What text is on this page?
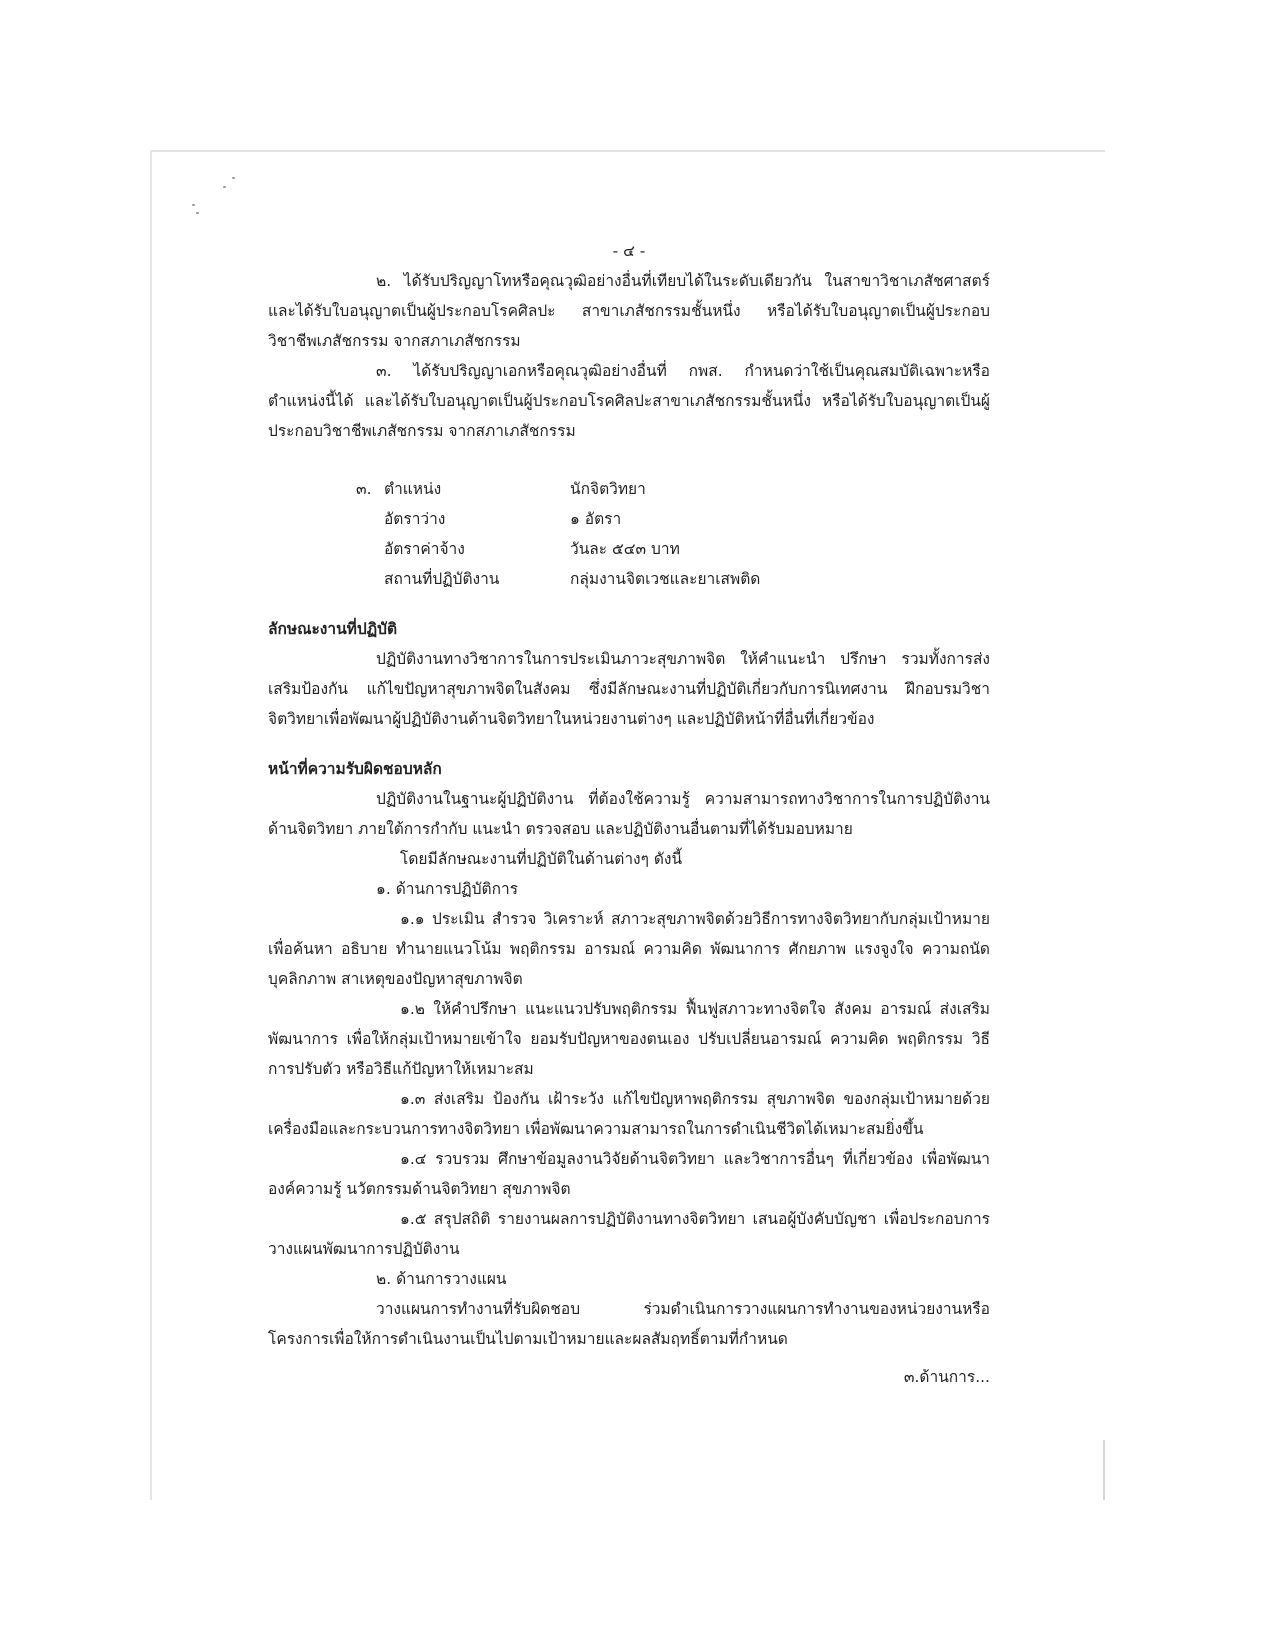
- ๔ -

๒. ได้รับปริญญาโทหรือคุณวุฒิอย่างอื่นที่เทียบได้ในระดับเดียวกัน ในสาขาวิชาเภสัชศาสตร์และได้รับใบอนุญาตเป็นผู้ประกอบโรคศิลปะ สาขาเภสัชกรรมชั้นหนึ่ง หรือได้รับใบอนุญาตเป็นผู้ประกอบวิชาชีพเภสัชกรรม จากสภาเภสัชกรรม

๓. ได้รับปริญญาเอกหรือคุณวุฒิอย่างอื่นที่ กพส. กำหนดว่าใช้เป็นคุณสมบัติเฉพาะหรือตำแหน่งนี้ได้ และได้รับใบอนุญาตเป็นผู้ประกอบโรคศิลปะสาขาเภสัชกรรมชั้นหนึ่ง หรือได้รับใบอนุญาตเป็นผู้ประกอบวิชาชีพเภสัชกรรม จากสภาเภสัชกรรม

๓.	ตำแหน่ง	นักจิตวิทยา
	อัตราว่าง	๑ อัตรา
	อัตราค่าจ้าง	วันละ ๕๔๓ บาท
	สถานที่ปฏิบัติงาน	กลุ่มงานจิตเวชและยาเสพติด
ลักษณะงานที่ปฏิบัติ

ปฏิบัติงานทางวิชาการในการประเมินภาวะสุขภาพจิต ให้คำแนะนำ ปรึกษา รวมทั้งการส่งเสริมป้องกัน แก้ไขปัญหาสุขภาพจิตในสังคม ซึ่งมีลักษณะงานที่ปฏิบัติเกี่ยวกับการนิเทศงาน ฝึกอบรมวิชาจิตวิทยาเพื่อพัฒนาผู้ปฏิบัติงานด้านจิตวิทยาในหน่วยงานต่างๆ และปฏิบัติหน้าที่อื่นที่เกี่ยวข้อง

หน้าที่ความรับผิดชอบหลัก

ปฏิบัติงานในฐานะผู้ปฏิบัติงาน ที่ต้องใช้ความรู้ ความสามารถทางวิชาการในการปฏิบัติงานด้านจิตวิทยา ภายใต้การกำกับ แนะนำ ตรวจสอบ และปฏิบัติงานอื่นตามที่ได้รับมอบหมาย

โดยมีลักษณะงานที่ปฏิบัติในด้านต่างๆ ดังนี้

๑. ด้านการปฏิบัติการ

๑.๑ ประเมิน สำรวจ วิเคราะห์ สภาวะสุขภาพจิตด้วยวิธีการทางจิตวิทยากับกลุ่มเป้าหมายเพื่อค้นหา อธิบาย ทำนายแนวโน้ม พฤติกรรม อารมณ์ ความคิด พัฒนาการ ศักยภาพ แรงจูงใจ ความถนัดบุคลิกภาพ สาเหตุของปัญหาสุขภาพจิต

๑.๒ ให้คำปรึกษา แนะแนวปรับพฤติกรรม ฟื้นฟูสภาวะทางจิตใจ สังคม อารมณ์ ส่งเสริมพัฒนาการ เพื่อให้กลุ่มเป้าหมายเข้าใจ ยอมรับปัญหาของตนเอง ปรับเปลี่ยนอารมณ์ ความคิด พฤติกรรม วิธีการปรับตัว หรือวิธีแก้ปัญหาให้เหมาะสม

๑.๓ ส่งเสริม ป้องกัน เฝ้าระวัง แก้ไขปัญหาพฤติกรรม สุขภาพจิต ของกลุ่มเป้าหมายด้วยเครื่องมือและกระบวนการทางจิตวิทยา เพื่อพัฒนาความสามารถในการดำเนินชีวิตได้เหมาะสมยิ่งขึ้น

๑.๔ รวบรวม ศึกษาข้อมูลงานวิจัยด้านจิตวิทยา และวิชาการอื่นๆ ที่เกี่ยวข้อง เพื่อพัฒนาองค์ความรู้ นวัตกรรมด้านจิตวิทยา สุขภาพจิต

๑.๕ สรุปสถิติ รายงานผลการปฏิบัติงานทางจิตวิทยา เสนอผู้บังคับบัญชา เพื่อประกอบการวางแผนพัฒนาการปฏิบัติงาน

๒. ด้านการวางแผน

วางแผนการทำงานที่รับผิดชอบ ร่วมดำเนินการวางแผนการทำงานของหน่วยงานหรือโครงการเพื่อให้การดำเนินงานเป็นไปตามเป้าหมายและผลสัมฤทธิ์ตามที่กำหนด

๓.ด้านการ...
